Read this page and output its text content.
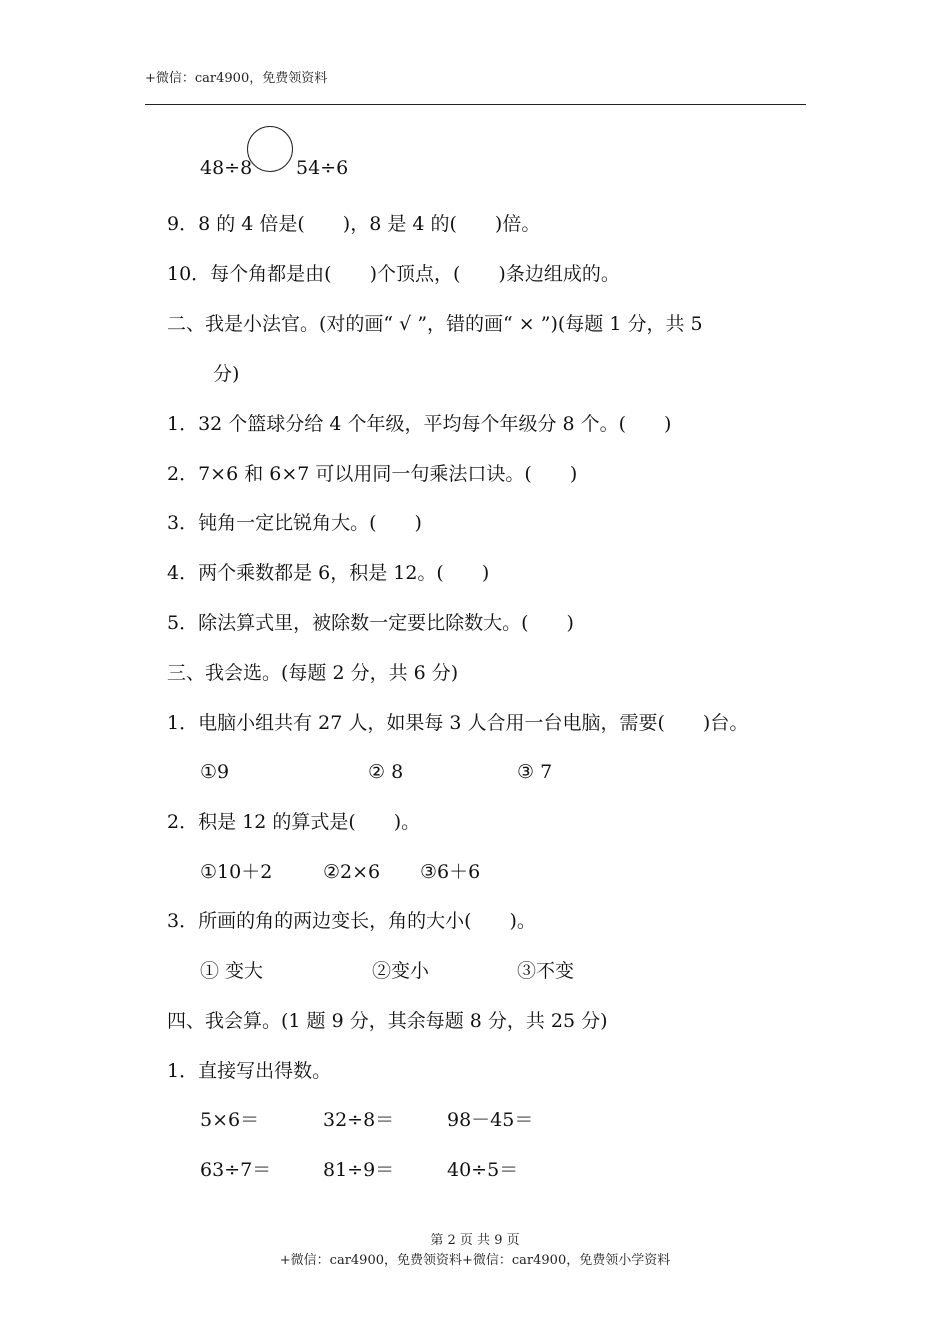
+微信：car4900，免费领资料
48÷8 54÷6
9．8 的 4 倍是(　　)，8 是 4 的(　　)倍。
10．每个角都是由(　　)个顶点，(　　)条边组成的。
二、我是小法官。(对的画“ √ ”，错的画“ × ”)(每题 1 分，共 5
分)
1．32 个篮球分给 4 个年级，平均每个年级分 8 个。(　　)
2．7×6 和 6×7 可以用同一句乘法口诀。(　　)
3．钝角一定比锐角大。(　　)
4．两个乘数都是 6，积是 12。(　　)
5．除法算式里，被除数一定要比除数大。(　　)
三、我会选。(每题 2 分，共 6 分)
1．电脑小组共有 27 人，如果每 3 人合用一台电脑，需要(　　)台。
①9	② 8	③ 7
2．积是 12 的算式是(　　)。
①10＋2	②2×6 ③6＋6
3．所画的角的两边变长，角的大小(　　)。
① 变大	②变小	③不变
四、我会算。(1 题 9 分，其余每题 8 分，共 25 分)
1．直接写出得数。
5×6＝	32÷8＝	98－45＝
63÷7＝	81÷9＝	40÷5＝
第 2 页 共 9 页
+微信：car4900，免费领资料+微信：car4900，免费领小学资料
